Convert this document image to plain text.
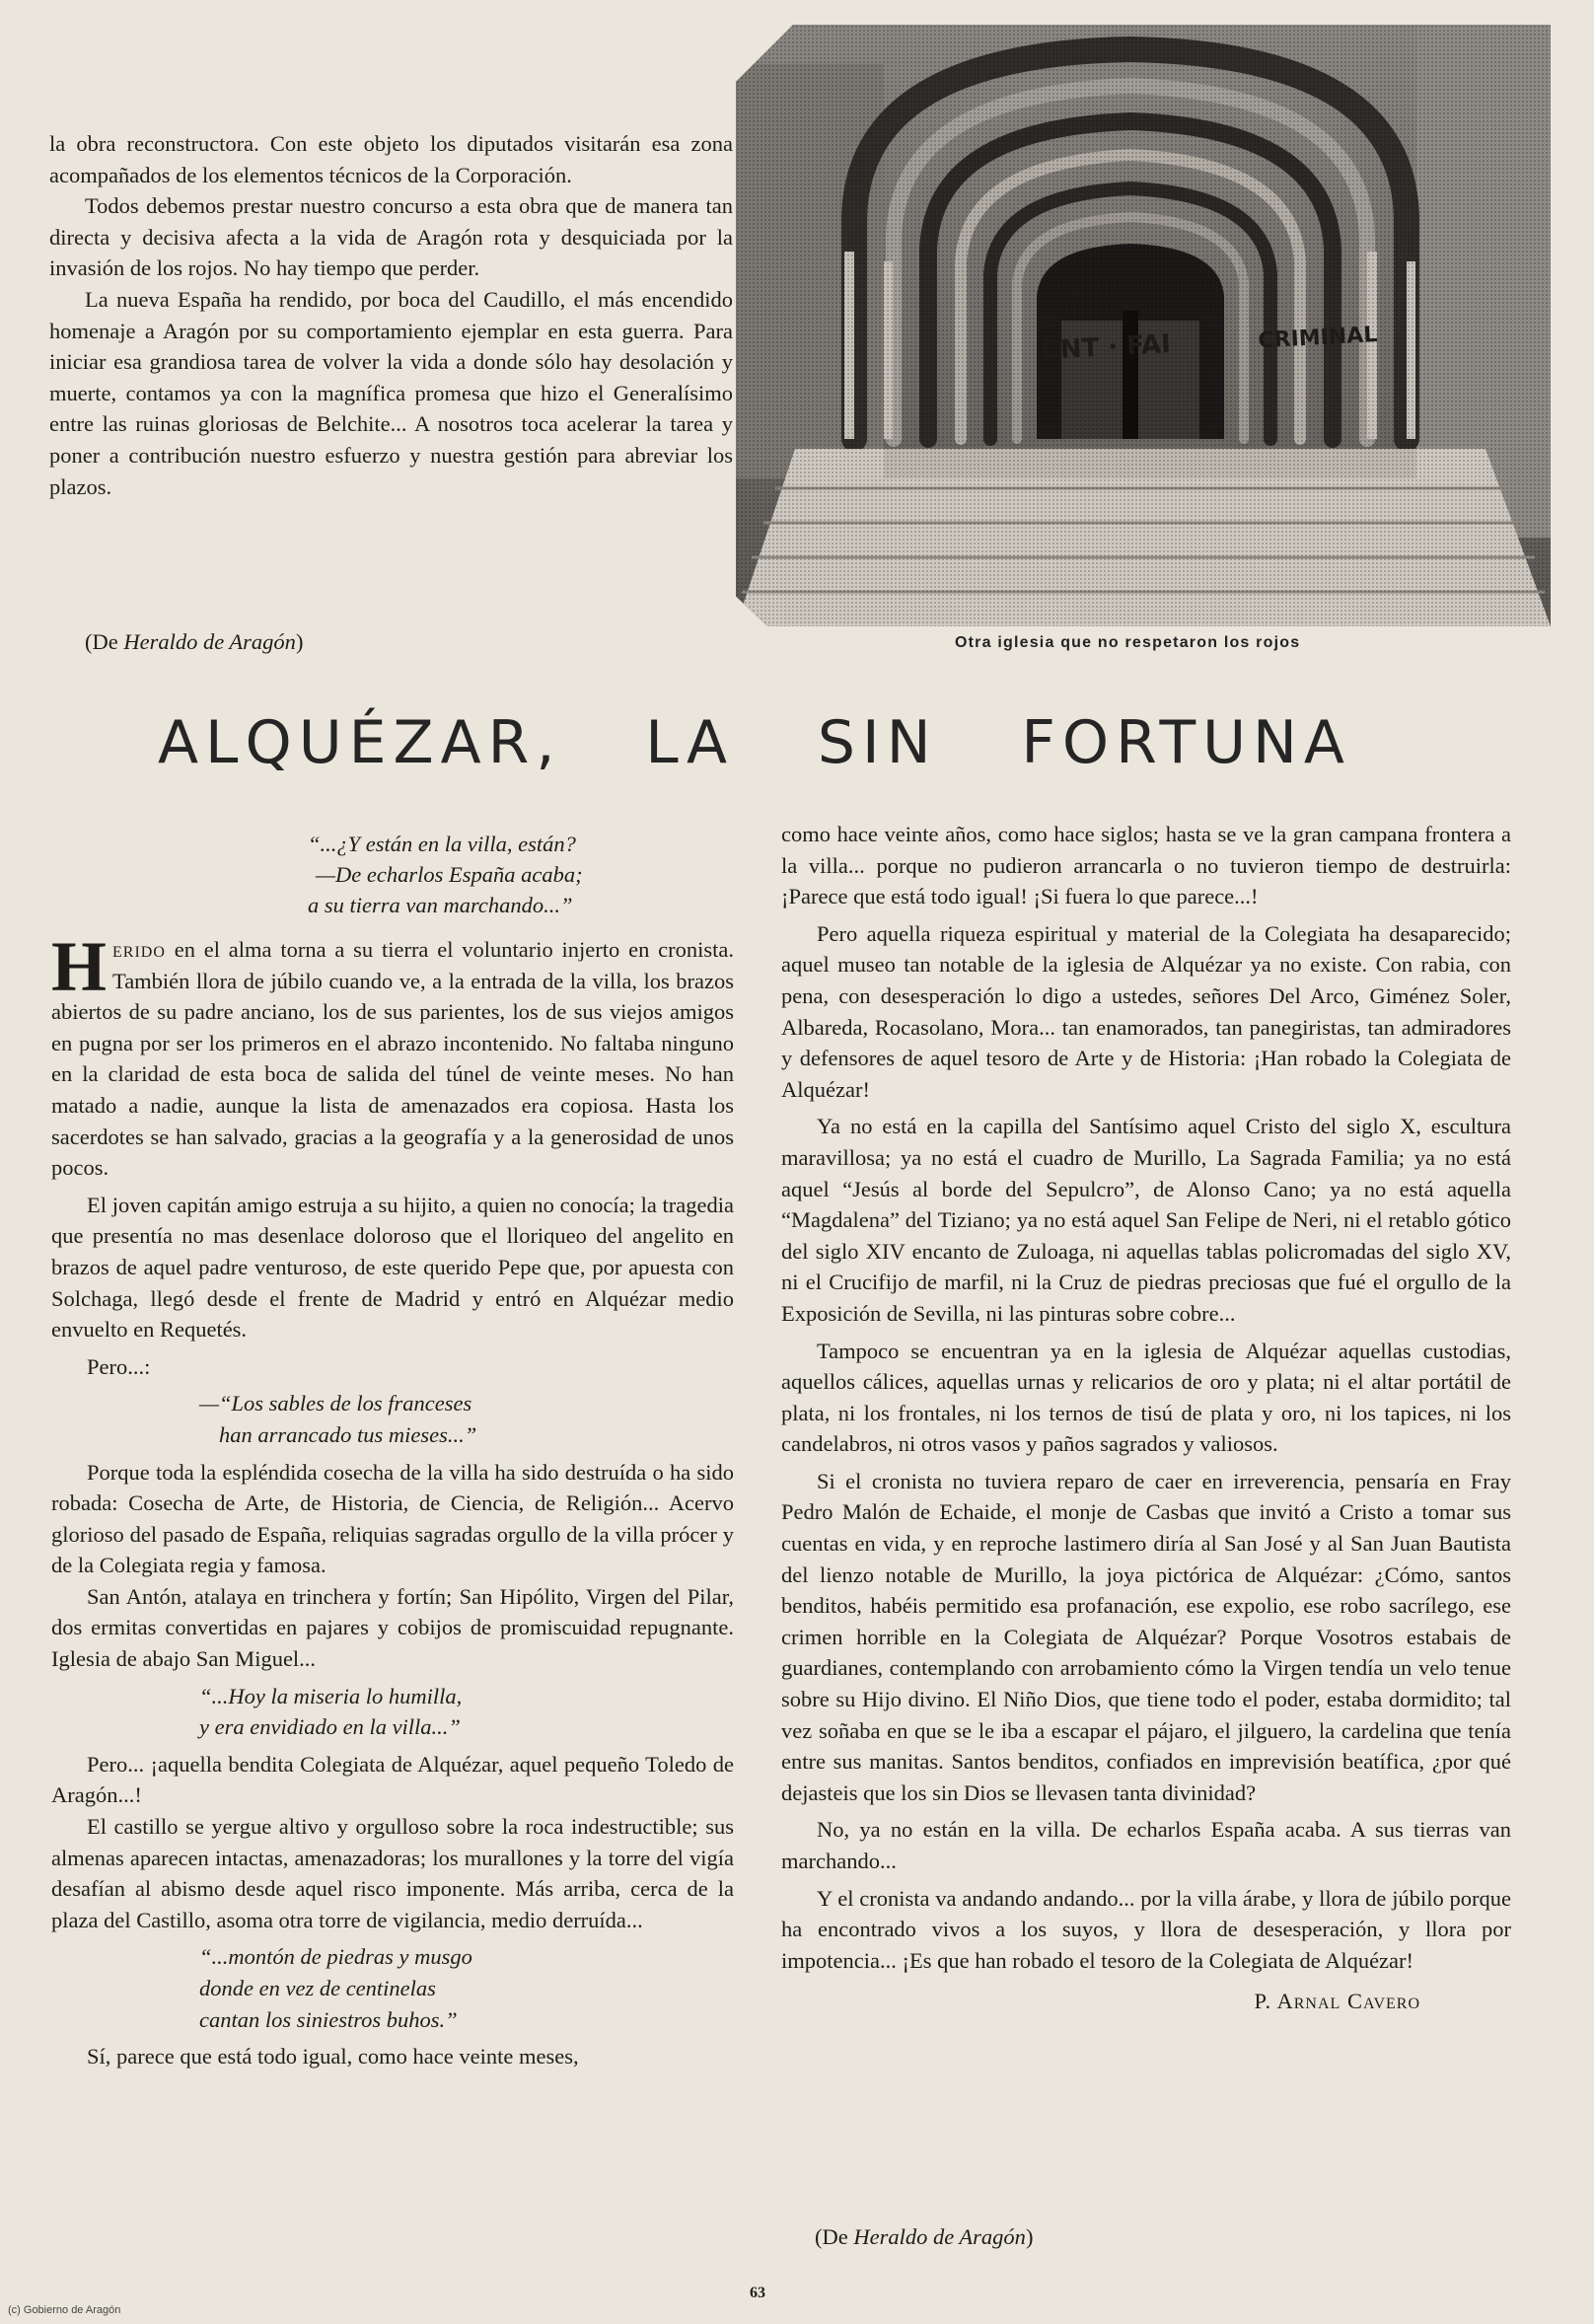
la obra reconstructora. Con este objeto los diputados visitarán esa zona acompañados de los elementos técnicos de la Corporación.

Todos debemos prestar nuestro concurso a esta obra que de manera tan directa y decisiva afecta a la vida de Aragón rota y desquiciada por la invasión de los rojos. No hay tiempo que perder.

La nueva España ha rendido, por boca del Caudillo, el más encendido homenaje a Aragón por su comportamiento ejemplar en esta guerra. Para iniciar esa grandiosa tarea de volver la vida a donde sólo hay desolación y muerte, contamos ya con la magnífica promesa que hizo el Generalísimo entre las ruinas gloriosas de Belchite... A nosotros toca acelerar la tarea y poner a contribución nuestro esfuerzo y nuestra gestión para abreviar los plazos.

(De Heraldo de Aragón)	Otra iglesia que no respetaron los rojos
ALQUÉZAR, LA SIN FORTUNA
“...¿Y están en la villa, están?
—De echarlos España acaba;
a su tierra van marchando...”

Herido en el alma torna a su tierra el voluntario injerto en cronista. También llora de júbilo cuando ve, a la entrada de la villa, los brazos abiertos de su padre anciano, los de sus parientes, los de sus viejos amigos en pugna por ser los primeros en el abrazo incontenido. No faltaba ninguno en la claridad de esta boca de salida del túnel de veinte meses. No han matado a nadie, aunque la lista de amenazados era copiosa. Hasta los sacerdotes se han salvado, gracias a la geografía y a la generosidad de unos pocos.

El joven capitán amigo estruja a su hijito, a quien no conocía; la tragedia que presentía no mas desenlace doloroso que el lloriqueo del angelito en brazos de aquel padre venturoso, de este querido Pepe que, por apuesta con Solchaga, llegó desde el frente de Madrid y entró en Alquézar medio envuelto en Requetés.

Pero...:

—“Los sables de los franceses
han arrancado tus mieses...”

Porque toda la espléndida cosecha de la villa ha sido destruída o ha sido robada: Cosecha de Arte, de Historia, de Ciencia, de Religión... Acervo glorioso del pasado de España, reliquias sagradas orgullo de la villa prócer y de la Colegiata regia y famosa.

San Antón, atalaya en trinchera y fortín; San Hipólito, Virgen del Pilar, dos ermitas convertidas en pajares y cobijos de promiscuidad repugnante. Iglesia de abajo San Miguel...

“...Hoy la miseria lo humilla,
y era envidiado en la villa...”

Pero... ¡aquella bendita Colegiata de Alquézar, aquel pequeño Toledo de Aragón...!

El castillo se yergue altivo y orgulloso sobre la roca indestructible; sus almenas aparecen intactas, amenazadoras; los murallones y la torre del vigía desafían al abismo desde aquel risco imponente. Más arriba, cerca de la plaza del Castillo, asoma otra torre de vigilancia, medio derruída...

“...montón de piedras y musgo
donde en vez de centinelas
cantan los siniestros buhos.”

Sí, parece que está todo igual, como hace veinte meses,

como hace veinte años, como hace siglos; hasta se ve la gran campana frontera a la villa... porque no pudieron arrancarla o no tuvieron tiempo de destruirla: ¡Parece que está todo igual! ¡Si fuera lo que parece...!

Pero aquella riqueza espiritual y material de la Colegiata ha desaparecido; aquel museo tan notable de la iglesia de Alquézar ya no existe. Con rabia, con pena, con desesperación lo digo a ustedes, señores Del Arco, Giménez Soler, Albareda, Rocasolano, Mora... tan enamorados, tan panegiristas, tan admiradores y defensores de aquel tesoro de Arte y de Historia: ¡Han robado la Colegiata de Alquézar!

Ya no está en la capilla del Santísimo aquel Cristo del siglo X, escultura maravillosa; ya no está el cuadro de Murillo, La Sagrada Familia; ya no está aquel “Jesús al borde del Sepulcro”, de Alonso Cano; ya no está aquella “Magdalena” del Tiziano; ya no está aquel San Felipe de Neri, ni el retablo gótico del siglo XIV encanto de Zuloaga, ni aquellas tablas policromadas del siglo XV, ni el Crucifijo de marfil, ni la Cruz de piedras preciosas que fué el orgullo de la Exposición de Sevilla, ni las pinturas sobre cobre...

Tampoco se encuentran ya en la iglesia de Alquézar aquellas custodias, aquellos cálices, aquellas urnas y relicarios de oro y plata; ni el altar portátil de plata, ni los frontales, ni los ternos de tisú de plata y oro, ni los tapices, ni los candelabros, ni otros vasos y paños sagrados y valiosos.

Si el cronista no tuviera reparo de caer en irreverencia, pensaría en Fray Pedro Malón de Echaide, el monje de Casbas que invitó a Cristo a tomar sus cuentas en vida, y en reproche lastimero diría al San José y al San Juan Bautista del lienzo notable de Murillo, la joya pictórica de Alquézar: ¿Cómo, santos benditos, habéis permitido esa profanación, ese expolio, ese robo sacrílego, ese crimen horrible en la Colegiata de Alquézar? Porque Vosotros estabais de guardianes, contemplando con arrobamiento cómo la Virgen tendía un velo tenue sobre su Hijo divino. El Niño Dios, que tiene todo el poder, estaba dormidito; tal vez soñaba en que se le iba a escapar el pájaro, el jilguero, la cardelina que tenía entre sus manitas. Santos benditos, confiados en imprevisión beatífica, ¿por qué dejasteis que los sin Dios se llevasen tanta divinidad?

No, ya no están en la villa. De echarlos España acaba. A sus tierras van marchando...

Y el cronista va andando andando... por la villa árabe, y llora de júbilo porque ha encontrado vivos a los suyos, y llora de desesperación, y llora por impotencia... ¡Es que han robado el tesoro de la Colegiata de Alquézar!

P. Arnal Cavero

(De Heraldo de Aragón)
63
(c) Gobierno de Aragón
